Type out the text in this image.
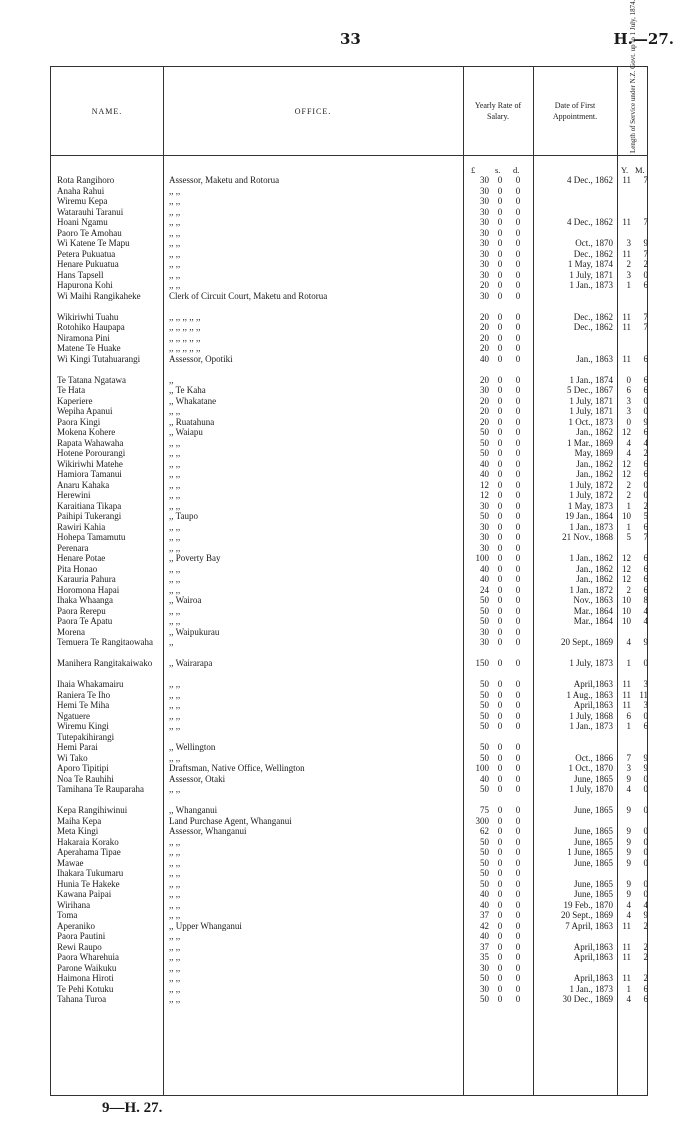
33	H.—27.
NAME.	OFFICE.
Yearly Rate of Salary.
Date of First Appointment.	Length of Service under N.Z. Govt. up to 1 July, 1874.
£ s. d.	Y. M.
Rota Rangihoro	Assessor, Maketu and Rotorua	30 0	0	4 Dec., 1862	11	7
Anaha Rahui	,, ,,	30 0	0
Wiremu Kepa	,, ,,	30 0	0
Watarauhi Taranui	,, ,,	30 0	0
Hoani Ngamu	,, ,,	30 0	0	4 Dec., 1862	11	7
Paoro Te Amohau	,, ,,	30 0	0
Wi Katene Te Mapu	,, ,,	30 0	0	Oct., 1870	3	9
Petera Pukuatua	,, ,,	30 0	0	Dec., 1862	11	7
Henare Pukuatua	,, ,,	30 0	0	1 May, 1874	2	2
Hans Tapsell	,, ,,	30 0	0	1 July, 1871	3	0
Hapurona Kohi	,, ,,	20 0	0	1 Jan., 1873	1	6
Wi Maihi Rangikaheke	Clerk of Circuit Court, Maketu and Rotorua	30 0	0
Wikiriwhi Tuahu	,, ,, ,, ,, ,,	20 0	0	Dec., 1862	11	7
Rotohiko Haupapa	,, ,, ,, ,, ,,	20 0	0	Dec., 1862	11	7
Niramona Pini	,, ,, ,, ,, ,,	20 0	0
Matene Te Huake	,, ,, ,, ,, ,,	20 0	0
Wi Kingi Tutahuarangi	Assessor, Opotiki	40 0	0	Jan., 1863	11	6
Te Tatana Ngatawa	,,	20 0	0	1 Jan., 1874	0	6
Te Hata	,, Te Kaha	30 0	0	5 Dec., 1867	6	6
Kaperiere	,, Whakatane	20 0	0	1 July, 1871	3	0
Wepiha Apanui	,, ,,	20 0	0	1 July, 1871	3	0
Paora Kingi	,, Ruatahuna	20 0	0	1 Oct., 1873	0	9
Mokena Kohere	,, Waiapu	50 0	0	Jan., 1862	12	6
Rapata Wahawaha	,, ,,	50 0	0	1 Mar., 1869	4	4
Hotene Porourangi	,, ,,	50 0	0	May, 1869	4	2
Wikiriwhi Matehe	,, ,,	40 0	0	Jan., 1862	12	6
Hamiora Tamanui	,, ,,	40 0	0	Jan., 1862	12	6
Anaru Kahaka	,, ,,	12 0	0	1 July, 1872	2	0
Herewini	,, ,,	12 0	0	1 July, 1872	2	0
Karaitiana Tikapa	,, ,,	30 0	0	1 May, 1873	1	2
Paihipi Tukerangi	,, Taupo	50 0	0	19 Jan., 1864	10	5
Rawiri Kahia	,, ,,	30 0	0	1 Jan., 1873	1	6
Hohepa Tamamutu	,, ,,	30 0	0	21 Nov., 1868	5	7
Perenara	,, ,,	30 0	0
Henare Potae	,, Poverty Bay	100 0	0	1 Jan., 1862	12	6
Pita Honao	,, ,,	40 0	0	Jan., 1862	12	6
Karauria Pahura	,, ,,	40 0	0	Jan., 1862	12	6
Horomona Hapai	,, ,,	24 0	0	1 Jan., 1872	2	6
Ihaka Whaanga	,, Wairoa	50 0	0	Nov., 1863	10	8
Paora Rerepu	,, ,,	50 0	0	Mar., 1864	10	4
Paora Te Apatu	,, ,,	50 0	0	Mar., 1864	10	4
Morena	,, Waipukurau	30 0	0
Temuera Te Rangitaowaha	,,	30 0	0	20 Sept., 1869	4	9
Manihera Rangitakaiwako	,, Wairarapa	150 0	0	1 July, 1873	1	0
Ihaia Whakamairu	,, ,,	50 0	0	April,1863	11	3
Raniera Te Iho	,, ,,	50 0	0	1 Aug., 1863	11 11
Hemi Te Miha	,, ,,	50 0	0	April,1863	11	3
Ngatuere	,, ,,	50 0	0	1 July, 1868	6	0
Wiremu Kingi Tutepakihirangi
,, ,,	50 0	0	1 Jan., 1873	1	6
Hemi Parai	,, Wellington	50 0	0
Wi Tako	,, ,,	50 0	0	Oct., 1866	7	9
Aporo Tipitipi	Draftsman, Native Office, Wellington	100 0	0	1 Oct., 1870	3	9
Noa Te Rauhihi	Assessor, Otaki	40 0	0	June, 1865	9	0
Tamihana Te Rauparaha	,, ,,	50 0	0	1 July, 1870	4	0
Kepa Rangihiwinui	,, Whanganui	75 0	0	June, 1865	9	0
Maiha Kepa	Land Purchase Agent, Whanganui	300 0	0
Meta Kingi	Assessor, Whanganui	62 0	0	June, 1865	9	0
Hakaraia Korako	,, ,,	50 0	0	June, 1865	9	0
Aperahama Tipae	,, ,,	50 0	0	1 June, 1865	9	0
Mawae	,, ,,	50 0	0	June, 1865	9	0
Ihakara Tukumaru	,, ,,	50 0	0
Hunia Te Hakeke	,, ,,	50 0	0	June, 1865	9	0
Kawana Paipai	,, ,,	40 0	0	June, 1865	9	0
Wirihana	,, ,,	40 0	0	19 Feb., 1870	4	4
Toma	,, ,,	37 0	0	20 Sept., 1869	4	9
Aperaniko	,, Upper Whanganui	42 0	0	7 April, 1863	11	2
Paora Pautini	,, ,,	40 0	0
Rewi Raupo	,, ,,	37 0	0	April,1863	11	2
Paora Wharehuia	,, ,,	35 0	0	April,1863	11	2
Parone Waikuku	,, ,,	30 0	0
Haimona Hiroti	,, ,,	50 0	0	April,1863	11	2
Te Pehi Kotuku	,, ,,	30 0	0	1 Jan., 1873	1	6
Tahana Turoa	,, ,,	50 0	0	30 Dec., 1869	4	6
9—H. 27.
